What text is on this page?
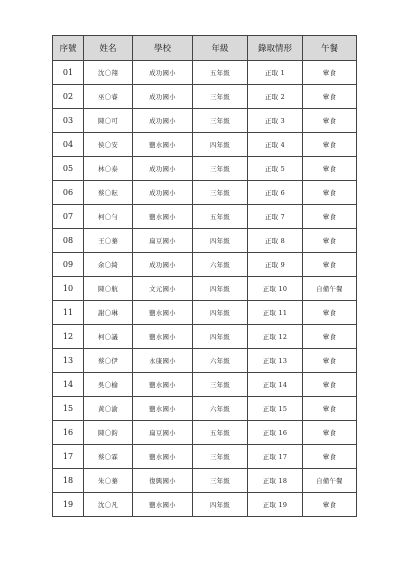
序號	姓名	學校	年級	錄取情形	午餐
01	沈〇翔	成功國小	五年級	正取 1	葷食
02	巫〇睿	成功國小	三年級	正取 2	葷食
03	陳〇可	成功國小	三年級	正取 3	葷食
04	侯〇安	鹽水國小	四年級	正取 4	葷食
05	林〇泰	成功國小	三年級	正取 5	葷食
06	蔡〇耘	成功國小	三年級	正取 6	葷食
07	柯〇勻	鹽水國小	五年級	正取 7	葷食
08	王〇蓁	扁豆國小	四年級	正取 8	葷食
09	余〇綺	成功國小	六年級	正取 9	葷食
10	陳〇航	文元國小	四年級	正取 10	自備午餐
11	謝〇琳	鹽水國小	四年級	正取 11	葷食
12	柯〇議	鹽水國小	四年級	正取 12	葷食
13	蔡〇伊	永康國小	六年級	正取 13	葷食
14	吳〇榆	鹽水國小	三年級	正取 14	葷食
15	黃〇渝	鹽水國小	六年級	正取 15	葷食
16	陳〇鈞	扁豆國小	五年級	正取 16	葷食
17	蔡〇霖	鹽水國小	三年級	正取 17	葷食
18	朱〇蓁	復興國小	三年級	正取 18	自備午餐
19	沈〇凡	鹽水國小	四年級	正取 19	葷食
